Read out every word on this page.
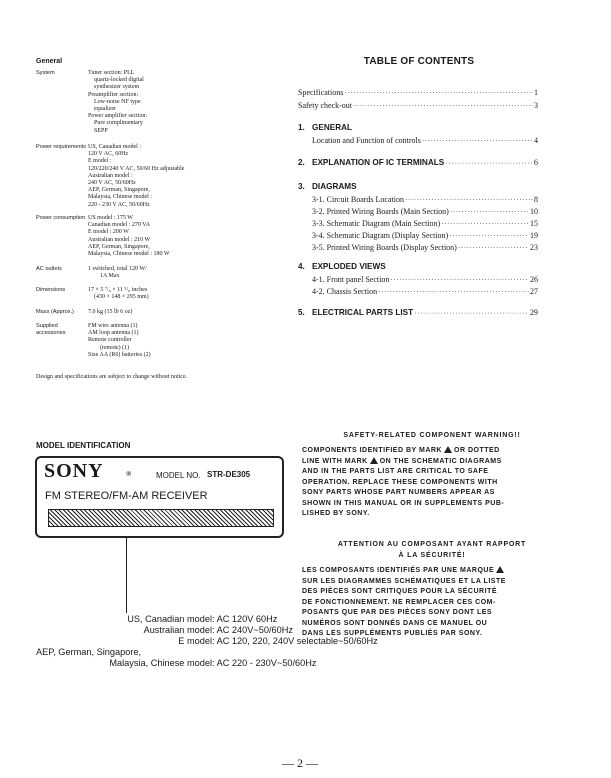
General
System	Tuner section: PLL
quartz-locked digital
synthesizer system
Preamplifier section:
Low-noise NF type
equalizer
Power amplifier section:
Pure complimentary
SEPP
Power requirements US, Canadian model :
120 V AC, 60Hz
E model :
120/220/240 V AC, 50/60 Hz adjustable
Australian model :
240 V AC, 50/60Hz
AEP, German, Singapore,
Malaysia, Chinese model :
220 - 230 V AC, 50/60Hz
Power consumption US model : 175 W
Canadian model : 270 VA
E model : 200 W
Australian model : 210 W
AEP, German, Singapore,
Malaysia, Chinese model : 180 W
AC outlets	1 switched, total 120 W/
1A Max
Dimensions	17 × 5 ⁷/₈ × 11 ⁵/₈ inches
(430 × 148 × 295 mm)
Mass (Approx.)	7.0 kg (15 lb 6 oz)
Supplied accessories
FM wire antenna (1)
AM loop antenna (1)
Remote controller
(remote) (1)
Size AA (R6) batteries (2)
Design and specifications are subject to change without notice.
TABLE OF CONTENTS
Specifications ·····	1
Safety check-out ·····	3
1. GENERAL
Location and Function of controls ·····	4
2. EXPLANATION OF IC TERMINALS ·····	6
3. DIAGRAMS
3-1. Circuit Boards Location ·····	8
3-2. Printed Wiring Boards (Main Section) ·····	10
3-3. Schematic Diagram (Main Section) ·····	15
3-4. Schematic Diagram (Display Section) ·····	19
3-5. Printed Wiring Boards (Display Section) ·····	23
4. EXPLODED VIEWS
4-1. Front panel Section ·····	26
4-2. Chassis Section ·····	27
5. ELECTRICAL PARTS LIST ·····	29
MODEL IDENTIFICATION
SONY	®	MODEL NO. STR-DE305
FM STEREO/FM-AM RECEIVER
US, Canadian model: AC 120V 60Hz
Australian model: AC 240V~50/60Hz
E model: AC 120, 220, 240V selectable~50/60Hz
AEP, German, Singapore,
Malaysia, Chinese model: AC 220 - 230V~50/60Hz
SAFETY-RELATED COMPONENT WARNING!!
COMPONENTS IDENTIFIED BY MARK OR DOTTED
LINE WITH MARK ON THE SCHEMATIC DIAGRAMS
AND IN THE PARTS LIST ARE CRITICAL TO SAFE
OPERATION. REPLACE THESE COMPONENTS WITH
SONY PARTS WHOSE PART NUMBERS APPEAR AS
SHOWN IN THIS MANUAL OR IN SUPPLEMENTS PUB-
LISHED BY SONY.
ATTENTION AU COMPOSANT AYANT RAPPORT
À LA SÉCURITÉ!
LES COMPOSANTS IDENTIFIÉS PAR UNE MARQUE
SUR LES DIAGRAMMES SCHÉMATIQUES ET LA LISTE
DES PIÈCES SONT CRITIQUES POUR LA SÉCURITÉ
DE FONCTIONNEMENT. NE REMPLACER CES COM-
POSANTS QUE PAR DES PIÈCES SONY DONT LES
NUMÉROS SONT DONNÉS DANS CE MANUEL OU
DANS LES SUPPLÉMENTS PUBLIÉS PAR SONY.
— 2 —
